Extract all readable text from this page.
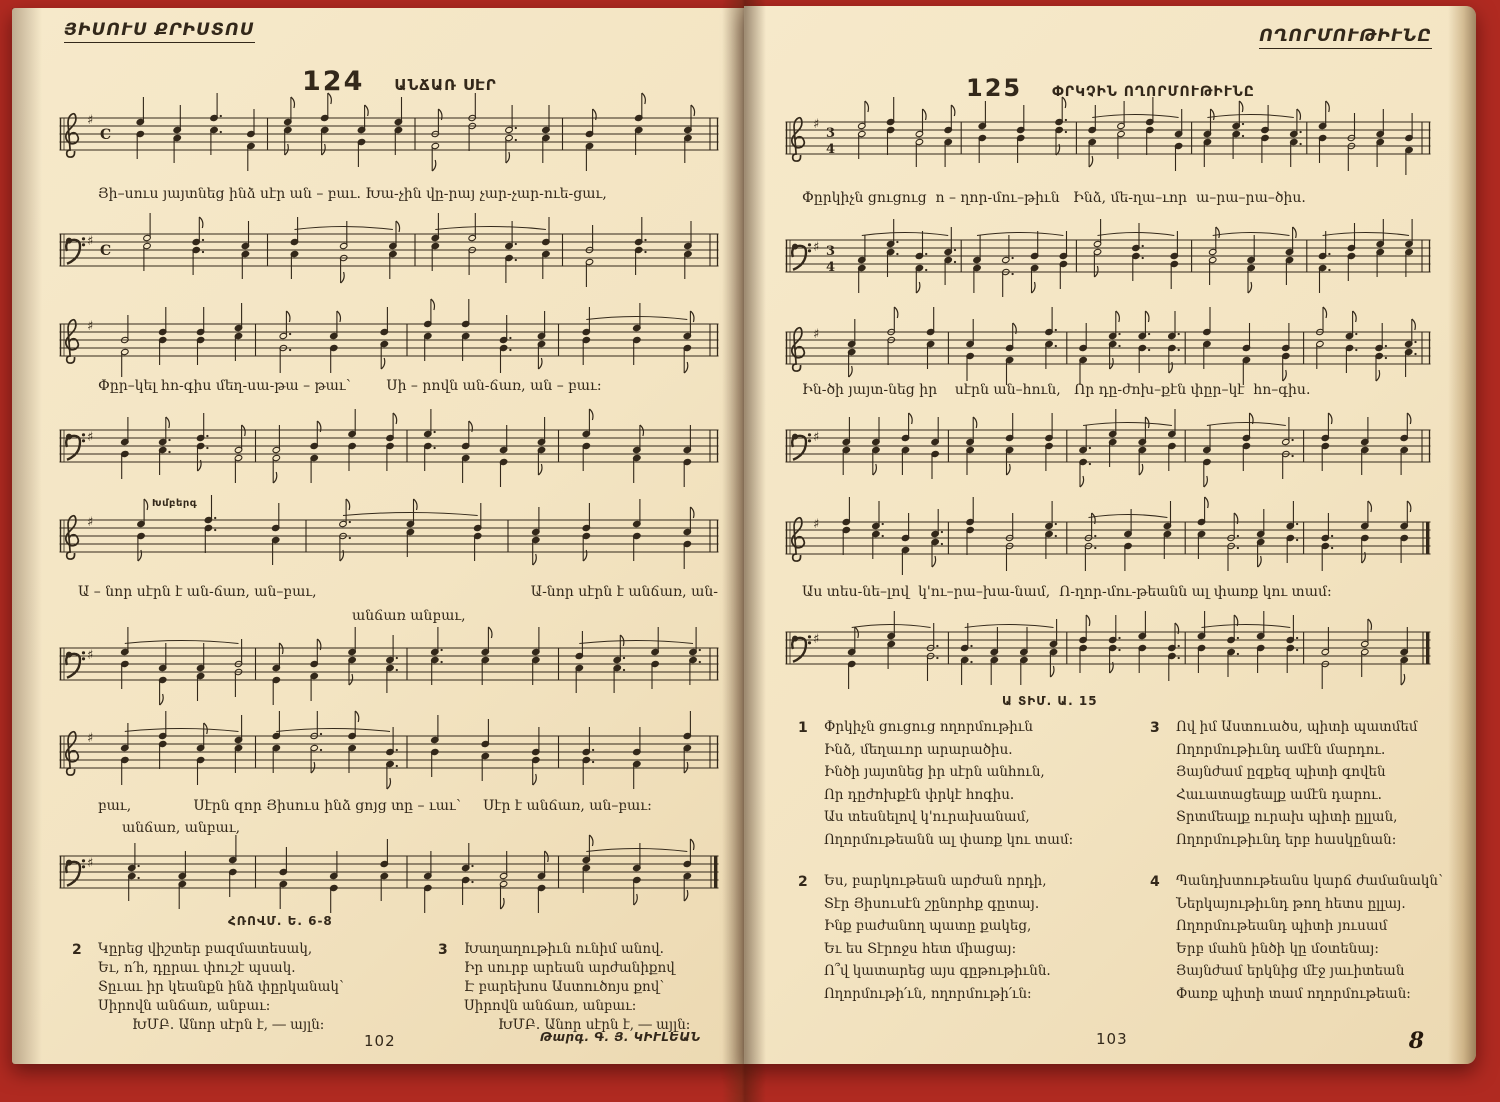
ՅԻՍՈՒՍ ՔՐԻՍՏՈՍ
124 ԱՆՃԱՌ ՍԷՐ
♯
C
Յի–սուս յայտնեց ինձ սէր ան – բաւ. Խա-չին վը-րայ չար-չար-ուե-ցաւ,
♯
C
♯
Փըր–կել հո-գիս մեղ-սա-թա – թաւ՝        Սի – րովն ան-ճառ, ան – բաւ։
♯
Խմբերգ
♯
Ա – նոր սէրն է ան-ճառ, ան–բաւ,	Ա-նոր սէրն է անճառ, ան-
անճառ անբաւ,
♯
♯
բաւ,              Սէրն զոր Յիսուս ինձ ցոյց տը – ւաւ՝     Սէր է անճառ, ան–բաւ։
անճառ, անբաւ,
♯
ՀՌՈՎՄ. Ե. 6-8
2 Կըրեց վիշտեր բազմատեսակ,
Եւ, ո՛հ, դըրաւ փուշէ պսակ.
Տըւաւ իր կեանքն ինձ փըրկանակ՝
Սիրովն անճառ, անբաւ։
ԽՄԲ. Անոր սէրն է, ― այլն։
3 Խաղաղութիւն ունիմ անով.
Իր սուրբ արեան արժանիքով
Է բարեխոս Աստուծոյս քով՝
Սիրովն անճառ, անբաւ։
ԽՄԲ. Անոր սէրն է, ― այլն։
Թարգ. Գ. Յ. ԿԻՒԼԵԱՆ
102
ՈՂՈՐՄՈՒԹԻՒՆԸ
125 ՓՐԿՉԻՆ ՈՂՈՐՄՈՒԹԻՒՆԸ
♯
3
4
Փըրկիչն ցուցուց  ո – ղոր-մու–թիւն   Ինձ, մե-ղա–ւոր  ա–րա–րա–ծիս.
♯ 3
4
♯
Ին-ծի յայտ-նեց իր    սէրն ան–հուն,   Որ դը-ժոխ–քէն փըր–կէ  հո–գիս.
♯
♯
Աս տես-նե–լով  կ'ու–րա–խա-նամ,  Ո-ղոր-մու-թեանն ալ փառք կու տամ։
♯
Ա ՏԻՄ. Ա. 15
1 Փրկիչն ցուցուց ողորմութիւն
Ինձ, մեղաւոր արարածիս.
Ինծի յայտնեց իր սէրն անհուն,
Որ դըժոխքէն փրկէ հոգիս.
Աս տեսնելով կ'ուրախանամ,
Ողորմութեանն ալ փառք կու տամ։
3 Ով իմ Աստուածս, պիտի պատմեմ
Ողորմութիւնդ ամէն մարդու.
Յայնժամ ըզքեզ պիտի գովեն
Հաւատացեալք ամէն դարու.
Տրտմեալք ուրախ պիտի ըլլան,
Ողորմութիւնդ երբ հասկընան։
2 Ես, բարկութեան արժան որդի,
Տէր Յիսուսէն շընորհք գըտայ.
Ինք բաժանող պատը քակեց,
Եւ ես Տէրոջս հետ միացայ։
Ո՞վ կատարեց այս գըթութիւնն.
Ողորմութի՛ւն, ողորմութի՛ւն։
4 Պանդխտութեանս կարճ ժամանակն՝
Ներկայութիւնդ թող հետս ըլլայ.
Ողորմութեանդ պիտի յուսամ
Երբ մահն ինծի կը մօտենայ։
Յայնժամ երկնից մէջ յաւիտեան
Փառք պիտի տամ ողորմութեան։
103	8
